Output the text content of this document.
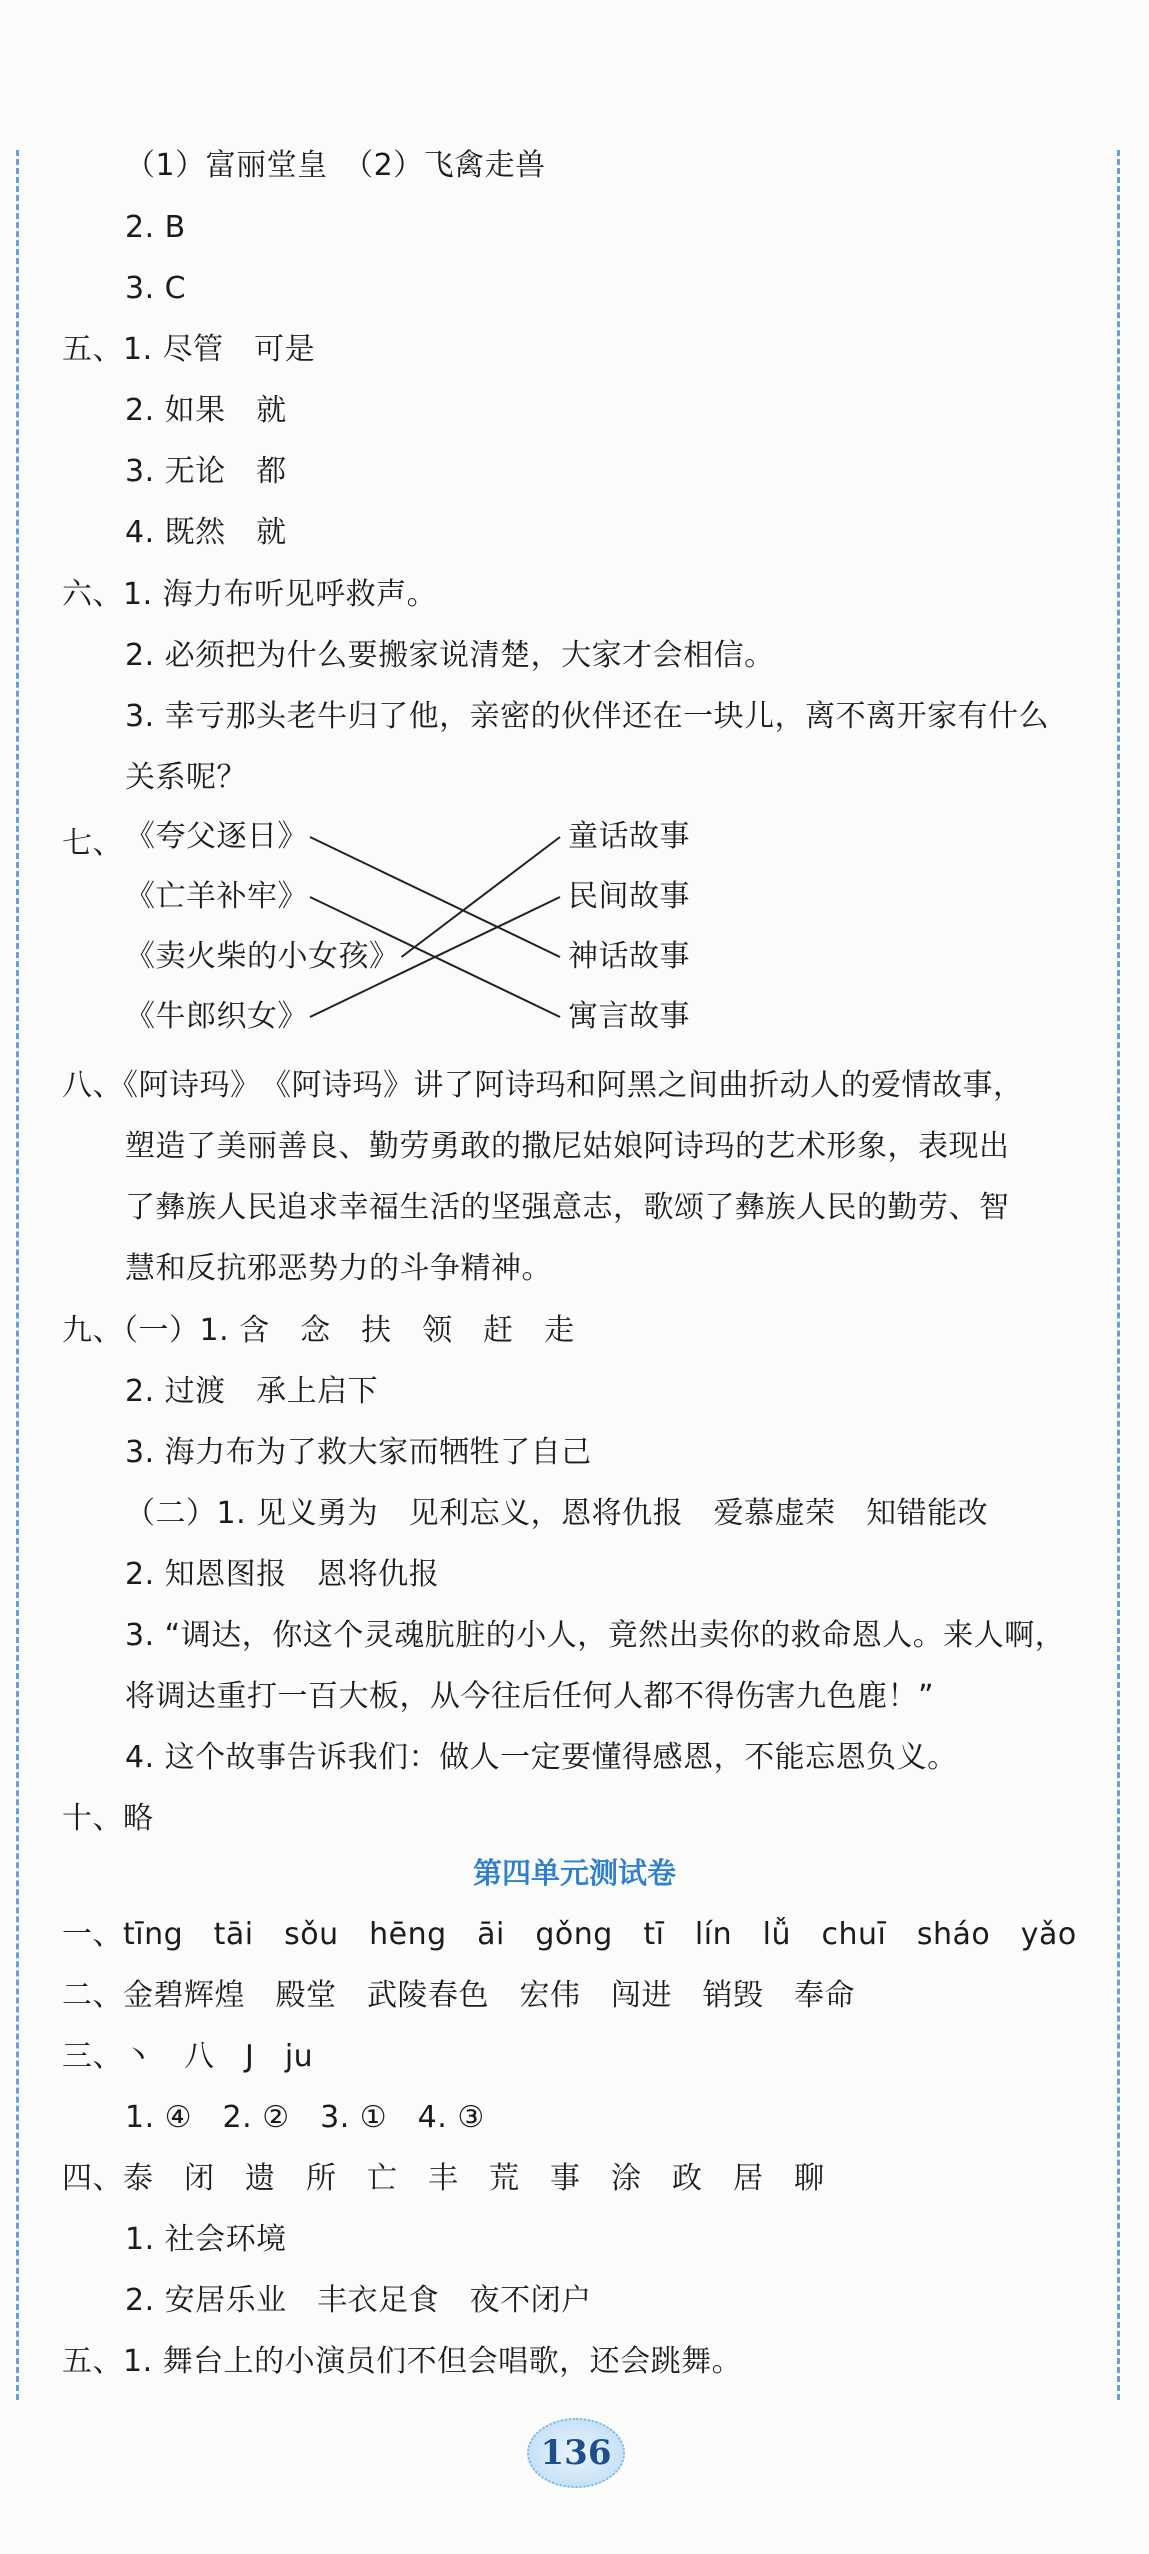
（1）富丽堂皇　（2）飞禽走兽
2. B
3. C
五、1. 尽管　可是
2. 如果　就
3. 无论　都
4. 既然　就
六、1. 海力布听见呼救声。
2. 必须把为什么要搬家说清楚，大家才会相信。
3. 幸亏那头老牛归了他，亲密的伙伴还在一块儿，离不离开家有什么
关系呢？
七、 《夸父逐日》
《亡羊补牢》
《卖火柴的小女孩》
《牛郎织女》
童话故事
民间故事
神话故事
寓言故事
八、《阿诗玛》　《阿诗玛》讲了阿诗玛和阿黑之间曲折动人的爱情故事，
塑造了美丽善良、勤劳勇敢的撒尼姑娘阿诗玛的艺术形象，表现出
了彝族人民追求幸福生活的坚强意志，歌颂了彝族人民的勤劳、智
慧和反抗邪恶势力的斗争精神。
九、（一）1. 含　念　扶　领　赶　走
2. 过渡　承上启下
3. 海力布为了救大家而牺牲了自己
（二）1. 见义勇为　见利忘义，恩将仇报　爱慕虚荣　知错能改
2. 知恩图报　恩将仇报
3. “调达，你这个灵魂肮脏的小人，竟然出卖你的救命恩人。来人啊，
将调达重打一百大板，从今往后任何人都不得伤害九色鹿！”
4. 这个故事告诉我们：做人一定要懂得感恩，不能忘恩负义。
十、略
第四单元测试卷
一、tīng　tāi　sǒu　hēng　āi　gǒng　tī　lín　lǚ　chuī　sháo　yǎo
二、金碧辉煌　殿堂　武陵春色　宏伟　闯进　销毁　奉命
三、丶　八　J　ju
1. ④　2. ②　3. ①　4. ③
四、泰　闭　遗　所　亡　丰　荒　事　涂　政　居　聊
1. 社会环境
2. 安居乐业　丰衣足食　夜不闭户
五、1. 舞台上的小演员们不但会唱歌，还会跳舞。
136
